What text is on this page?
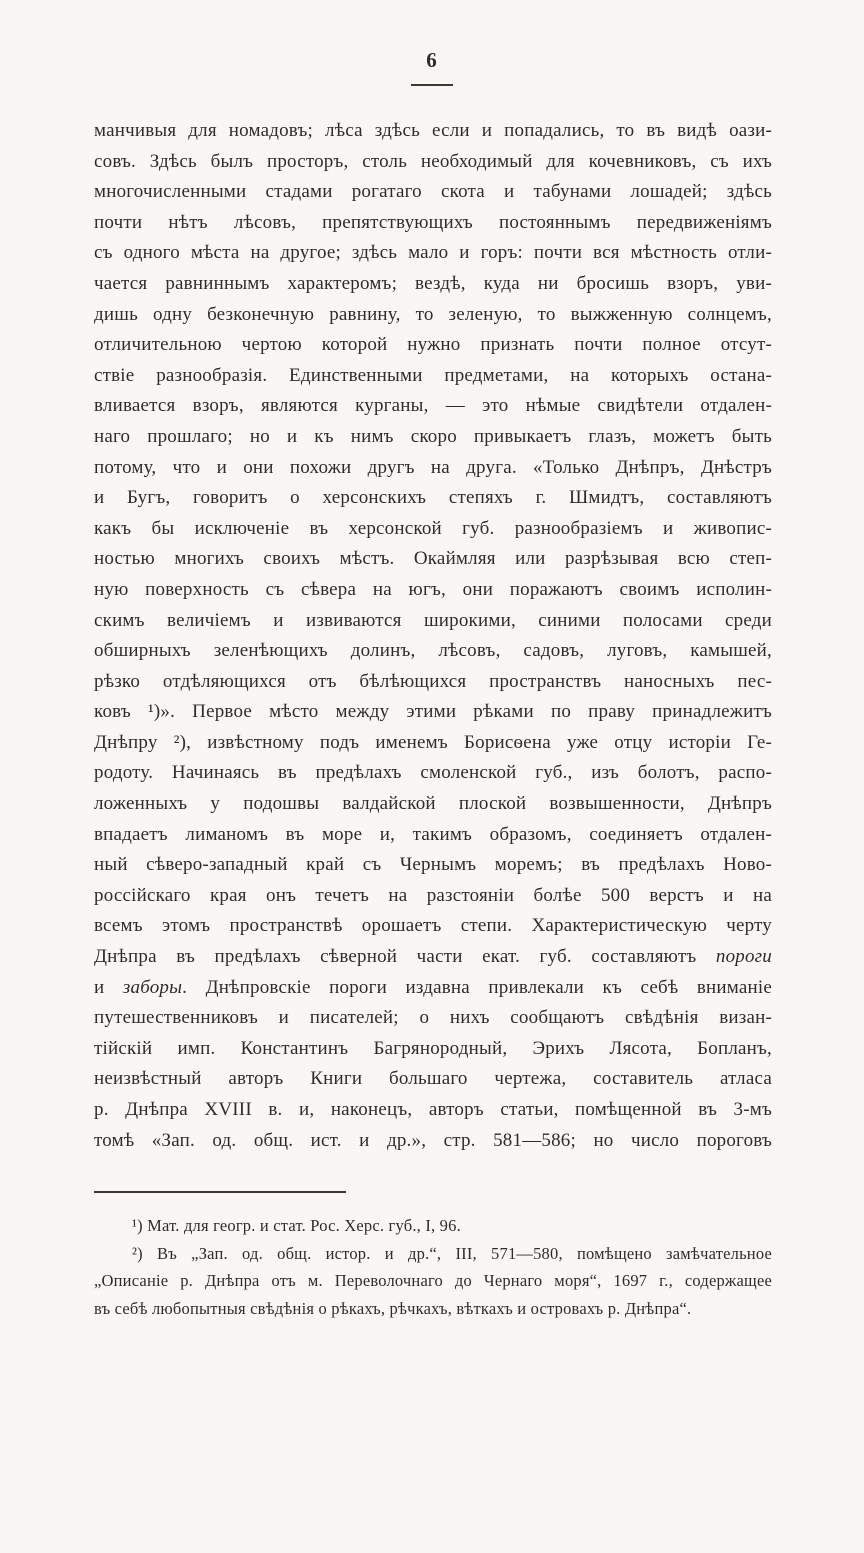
6
манчивыя для номадовъ; лѣса здѣсь если и попадались, то въ видѣ оази-
совъ. Здѣсь былъ просторъ, столь необходимый для кочевниковъ, съ ихъ
многочисленными стадами рогатаго скота и табунами лошадей; здѣсь
почти нѣтъ лѣсовъ, препятствующихъ постояннымъ передвиженіямъ
съ одного мѣста на другое; здѣсь мало и горъ: почти вся мѣстность отли-
чается равниннымъ характеромъ; вездѣ, куда ни бросишь взоръ, уви-
дишь одну безконечную равнину, то зеленую, то выжженную солнцемъ,
отличительною чертою которой нужно признать почти полное отсут-
ствіе разнообразія. Единственными предметами, на которыхъ остана-
вливается взоръ, являются курганы, — это нѣмые свидѣтели отдален-
наго прошлаго; но и къ нимъ скоро привыкаетъ глазъ, можетъ быть
потому, что и они похожи другъ на друга. «Только Днѣпръ, Днѣстръ
и Бугъ, говоритъ о херсонскихъ степяхъ г. Шмидтъ, составляютъ
какъ бы исключеніе въ херсонской губ. разнообразіемъ и живопис-
ностью многихъ своихъ мѣстъ. Окаймляя или разрѣзывая всю степ-
ную поверхность съ сѣвера на югъ, они поражаютъ своимъ исполин-
скимъ величіемъ и извиваются широкими, синими полосами среди
обширныхъ зеленѣющихъ долинъ, лѣсовъ, садовъ, луговъ, камышей,
рѣзко отдѣляющихся отъ бѣлѣющихся пространствъ наносныхъ пес-
ковъ ¹)». Первое мѣсто между этими рѣками по праву принадлежитъ
Днѣпру ²), извѣстному подъ именемъ Борисѳена уже отцу исторіи Ге-
родоту. Начинаясь въ предѣлахъ смоленской губ., изъ болотъ, распо-
ложенныхъ у подошвы валдайской плоской возвышенности, Днѣпръ
впадаетъ лиманомъ въ море и, такимъ образомъ, соединяетъ отдален-
ный сѣверо-западный край съ Чернымъ моремъ; въ предѣлахъ Ново-
россійскаго края онъ течетъ на разстояніи болѣе 500 верстъ и на
всемъ этомъ пространствѣ орошаетъ степи. Характеристическую черту
Днѣпра въ предѣлахъ сѣверной части екат. губ. составляютъ пороги
и заборы. Днѣпровскіе пороги издавна привлекали къ себѣ вниманіе
путешественниковъ и писателей; о нихъ сообщаютъ свѣдѣнія визан-
тійскій имп. Константинъ Багрянородный, Эрихъ Лясота, Бопланъ,
неизвѣстный авторъ Книги большаго чертежа, составитель атласа
р. Днѣпра XVIII в. и, наконецъ, авторъ статьи, помѣщенной въ 3-мъ
томѣ «Зап. од. общ. ист. и др.», стр. 581—586; но число пороговъ
¹) Мат. для геогр. и стат. Рос. Херс. губ., I, 96.
²) Въ „Зап. од. общ. истор. и др.“, III, 571—580, помѣщено замѣчательное
„Описаніе р. Днѣпра отъ м. Переволочнаго до Чернаго моря“, 1697 г., содержащее
въ себѣ любопытныя свѣдѣнія о рѣкахъ, рѣчкахъ, вѣткахъ и островахъ р. Днѣпра“.
